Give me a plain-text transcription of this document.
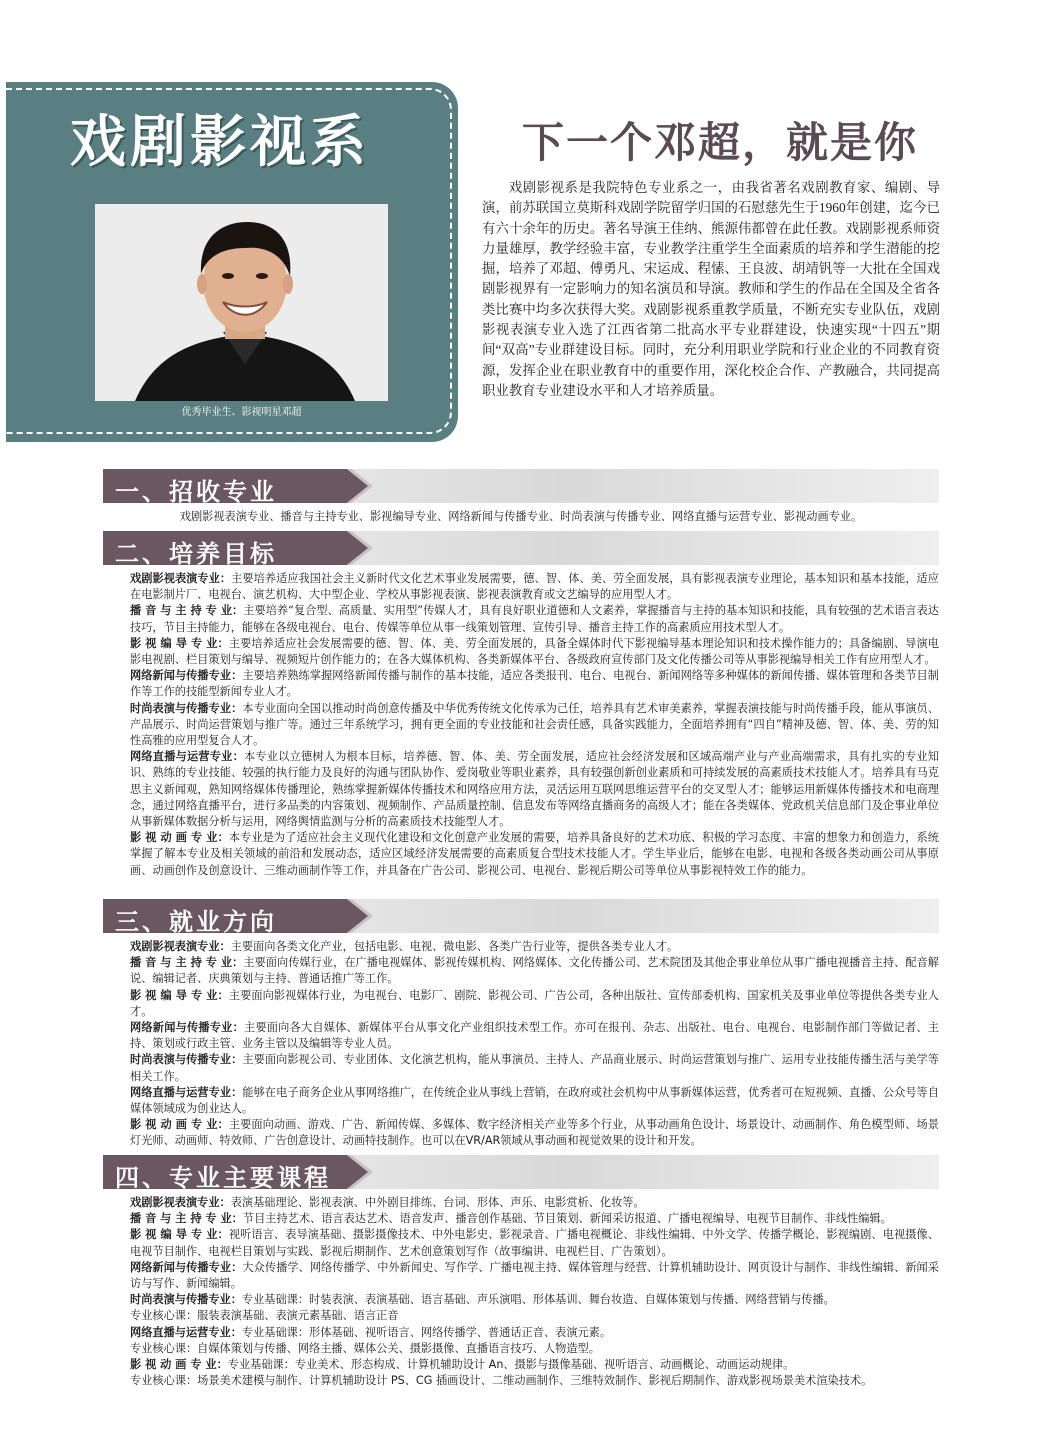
戏剧影视系
优秀毕业生、影视明星邓超
下一个邓超，就是你
戏剧影视系是我院特色专业系之一，由我省著名戏剧教育家、编剧、导演，前苏联国立莫斯科戏剧学院留学归国的石慰慈先生于1960年创建，迄今已有六十余年的历史。著名导演王佳纳、熊源伟都曾在此任教。戏剧影视系师资力量雄厚，教学经验丰富，专业教学注重学生全面素质的培养和学生潜能的挖掘，培养了邓超、傅勇凡、宋运成、程愫、王良波、胡靖钒等一大批在全国戏剧影视界有一定影响力的知名演员和导演。教师和学生的作品在全国及全省各类比赛中均多次获得大奖。戏剧影视系重教学质量，不断充实专业队伍，戏剧影视表演专业入选了江西省第二批高水平专业群建设，快速实现“十四五”期间“双高”专业群建设目标。同时，充分利用职业学院和行业企业的不同教育资源，发挥企业在职业教育中的重要作用，深化校企合作、产教融合，共同提高职业教育专业建设水平和人才培养质量。
一、招收专业
戏剧影视表演专业、播音与主持专业、影视编导专业、网络新闻与传播专业、时尚表演与传播专业、网络直播与运营专业、影视动画专业。
二、培养目标
戏剧影视表演专业：主要培养适应我国社会主义新时代文化艺术事业发展需要，德、智、体、美、劳全面发展，具有影视表演专业理论，基本知识和基本技能，适应在电影制片厂、电视台、演艺机构、大中型企业、学校从事影视表演、影视表演教育或文艺编导的应用型人才。
播 音 与 主 持 专 业：主要培养“复合型、高质量、实用型”传媒人才，具有良好职业道德和人文素养，掌握播音与主持的基本知识和技能，具有较强的艺术语言表达技巧，节目主持能力，能够在各级电视台、电台、传媒等单位从事一线策划管理、宣传引导、播音主持工作的高素质应用技术型人才。
影 视 编 导 专 业：主要培养适应社会发展需要的德、智、体、美、劳全面发展的，具备全媒体时代下影视编导基本理论知识和技术操作能力的；具备编剧、导演电影电视剧、栏目策划与编导、视频短片创作能力的；在各大媒体机构、各类新媒体平台、各级政府宣传部门及文化传播公司等从事影视编导相关工作有应用型人才。
网络新闻与传播专业：主要培养熟练掌握网络新闻传播与制作的基本技能，适应各类报刊、电台、电视台、新闻网络等多种媒体的新闻传播、媒体管理和各类节目制作等工作的技能型新闻专业人才。
时尚表演与传播专业：本专业面向全国以推动时尚创意传播及中华优秀传统文化传承为己任，培养具有艺术审美素养，掌握表演技能与时尚传播手段，能从事演员、产品展示、时尚运营策划与推广等。通过三年系统学习，拥有更全面的专业技能和社会责任感，具备实践能力，全面培养拥有“四自”精神及德、智、体、美、劳的知性高雅的应用型复合人才。
网络直播与运营专业：本专业以立德树人为根本目标，培养德、智、体、美、劳全面发展，适应社会经济发展和区域高端产业与产业高端需求，具有扎实的专业知识、熟练的专业技能、较强的执行能力及良好的沟通与团队协作、爱岗敬业等职业素养，具有较强创新创业素质和可持续发展的高素质技术技能人才。培养具有马克思主义新闻观，熟知网络媒体传播理论，熟练掌握新媒体传播技术和网络应用方法，灵活运用互联网思维运营平台的交叉型人才；能够运用新媒体传播技术和电商理念，通过网络直播平台，进行多品类的内容策划、视频制作、产品质量控制、信息发布等网络直播商务的高级人才；能在各类媒体、党政机关信息部门及企事业单位从事新媒体数据分析与运用，网络舆情监测与分析的高素质技术技能型人才。
影 视 动 画 专 业：本专业是为了适应社会主义现代化建设和文化创意产业发展的需要，培养具备良好的艺术功底、积极的学习态度、丰富的想象力和创造力，系统掌握了解本专业及相关领域的前沿和发展动态，适应区域经济发展需要的高素质复合型技术技能人才。学生毕业后，能够在电影、电视和各级各类动画公司从事原画、动画创作及创意设计、三维动画制作等工作，并具备在广告公司、影视公司、电视台、影视后期公司等单位从事影视特效工作的能力。
三、就业方向
戏剧影视表演专业：主要面向各类文化产业，包括电影、电视、微电影、各类广告行业等，提供各类专业人才。
播 音 与 主 持 专 业：主要面向传媒行业，在广播电视媒体、影视传媒机构、网络媒体、文化传播公司、艺术院团及其他企事业单位从事广播电视播音主持、配音解说、编辑记者、庆典策划与主持、普通话推广等工作。
影 视 编 导 专 业：主要面向影视媒体行业，为电视台、电影厂、剧院、影视公司、广告公司，各种出版社、宣传部委机构、国家机关及事业单位等提供各类专业人才。
网络新闻与传播专业：主要面向各大自媒体、新媒体平台从事文化产业组织技术型工作。亦可在报刊、杂志、出版社、电台、电视台、电影制作部门等做记者、主持、策划或行政主管、业务主管以及编辑等专业人员。
时尚表演与传播专业：主要面向影视公司、专业团体、文化演艺机构，能从事演员、主持人、产品商业展示、时尚运营策划与推广、运用专业技能传播生活与美学等相关工作。
网络直播与运营专业：能够在电子商务企业从事网络推广，在传统企业从事线上营销，在政府或社会机构中从事新媒体运营，优秀者可在短视频、直播、公众号等自媒体领域成为创业达人。
影 视 动 画 专 业：主要面向动画、游戏、广告、新闻传媒、多媒体、数字经济相关产业等多个行业，从事动画角色设计、场景设计、动画制作、角色模型师、场景灯光师、动画师、特效师、广告创意设计、动画特技制作。也可以在VR/AR领域从事动画和视觉效果的设计和开发。
四、专业主要课程
戏剧影视表演专业：表演基础理论、影视表演、中外剧目排练、台词、形体、声乐、电影赏析、化妆等。
播 音 与 主 持 专 业：节目主持艺术、语言表达艺术、语音发声、播音创作基础、节目策划、新闻采访报道、广播电视编导、电视节目制作、非线性编辑。
影 视 编 导 专 业：视听语言、表导演基础、摄影摄像技术、中外电影史、影视录音、广播电视概论、非线性编辑、中外文学、传播学概论、影视编剧、电视摄像、电视节目制作、电视栏目策划与实践、影视后期制作、艺术创意策划写作（故事编讲、电视栏目、广告策划）。
网络新闻与传播专业：大众传播学、网络传播学、中外新闻史、写作学、广播电视主持、媒体管理与经营、计算机辅助设计、网页设计与制作、非线性编辑、新闻采访与写作、新闻编辑。
时尚表演与传播专业：专业基础课：时装表演、表演基础、语言基础、声乐演唱、形体基训、舞台妆造、自媒体策划与传播、网络营销与传播。
专业核心课：服装表演基础、表演元素基础、语言正音
网络直播与运营专业：专业基础课：形体基础、视听语言、网络传播学、普通话正音、表演元素。
专业核心课：自媒体策划与传播、网络主播、媒体公关、摄影摄像、直播语言技巧、人物造型。
影 视 动 画 专 业：专业基础课：专业美术、形态构成、计算机辅助设计 An、摄影与摄像基础、视听语言、动画概论、动画运动规律。
专业核心课：场景美术建模与制作、计算机辅助设计 PS、CG 插画设计、二维动画制作、三维特效制作、影视后期制作、游戏影视场景美术渲染技术。
